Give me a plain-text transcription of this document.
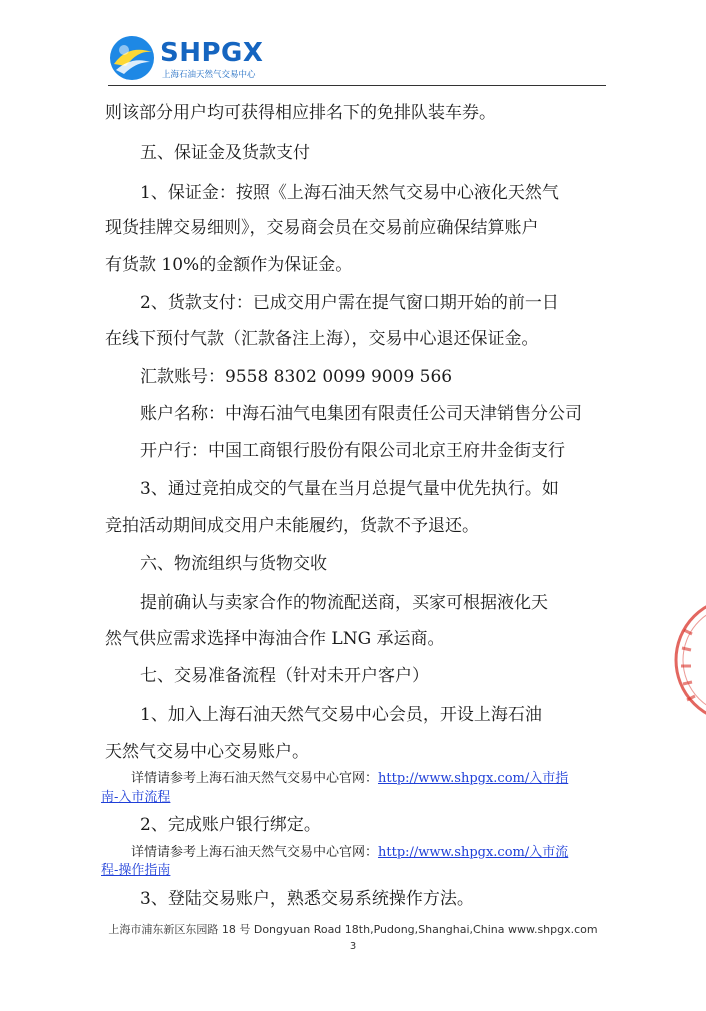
SHPGX
上海石油天然气交易中心
则该部分用户均可获得相应排名下的免排队装车券。
五、保证金及货款支付
1、保证金：按照《上海石油天然气交易中心液化天然气
现货挂牌交易细则》，交易商会员在交易前应确保结算账户
有货款 10%的金额作为保证金。
2、货款支付：已成交用户需在提气窗口期开始的前一日
在线下预付气款（汇款备注上海），交易中心退还保证金。
汇款账号：9558 8302 0099 9009 566
账户名称：中海石油气电集团有限责任公司天津销售分公司
开户行：中国工商银行股份有限公司北京王府井金街支行
3、通过竞拍成交的气量在当月总提气量中优先执行。如
竞拍活动期间成交用户未能履约，货款不予退还。
六、物流组织与货物交收
提前确认与卖家合作的物流配送商，买家可根据液化天
然气供应需求选择中海油合作 LNG 承运商。
七、交易准备流程（针对未开户客户）
1、加入上海石油天然气交易中心会员，开设上海石油
天然气交易中心交易账户。
详情请参考上海石油天然气交易中心官网：http://www.shpgx.com/入市指
南-入市流程
2、完成账户银行绑定。
详情请参考上海石油天然气交易中心官网：http://www.shpgx.com/入市流
程-操作指南
3、登陆交易账户，熟悉交易系统操作方法。
上海市浦东新区东园路 18 号 Dongyuan Road 18th,Pudong,Shanghai,China www.shpgx.com
3
